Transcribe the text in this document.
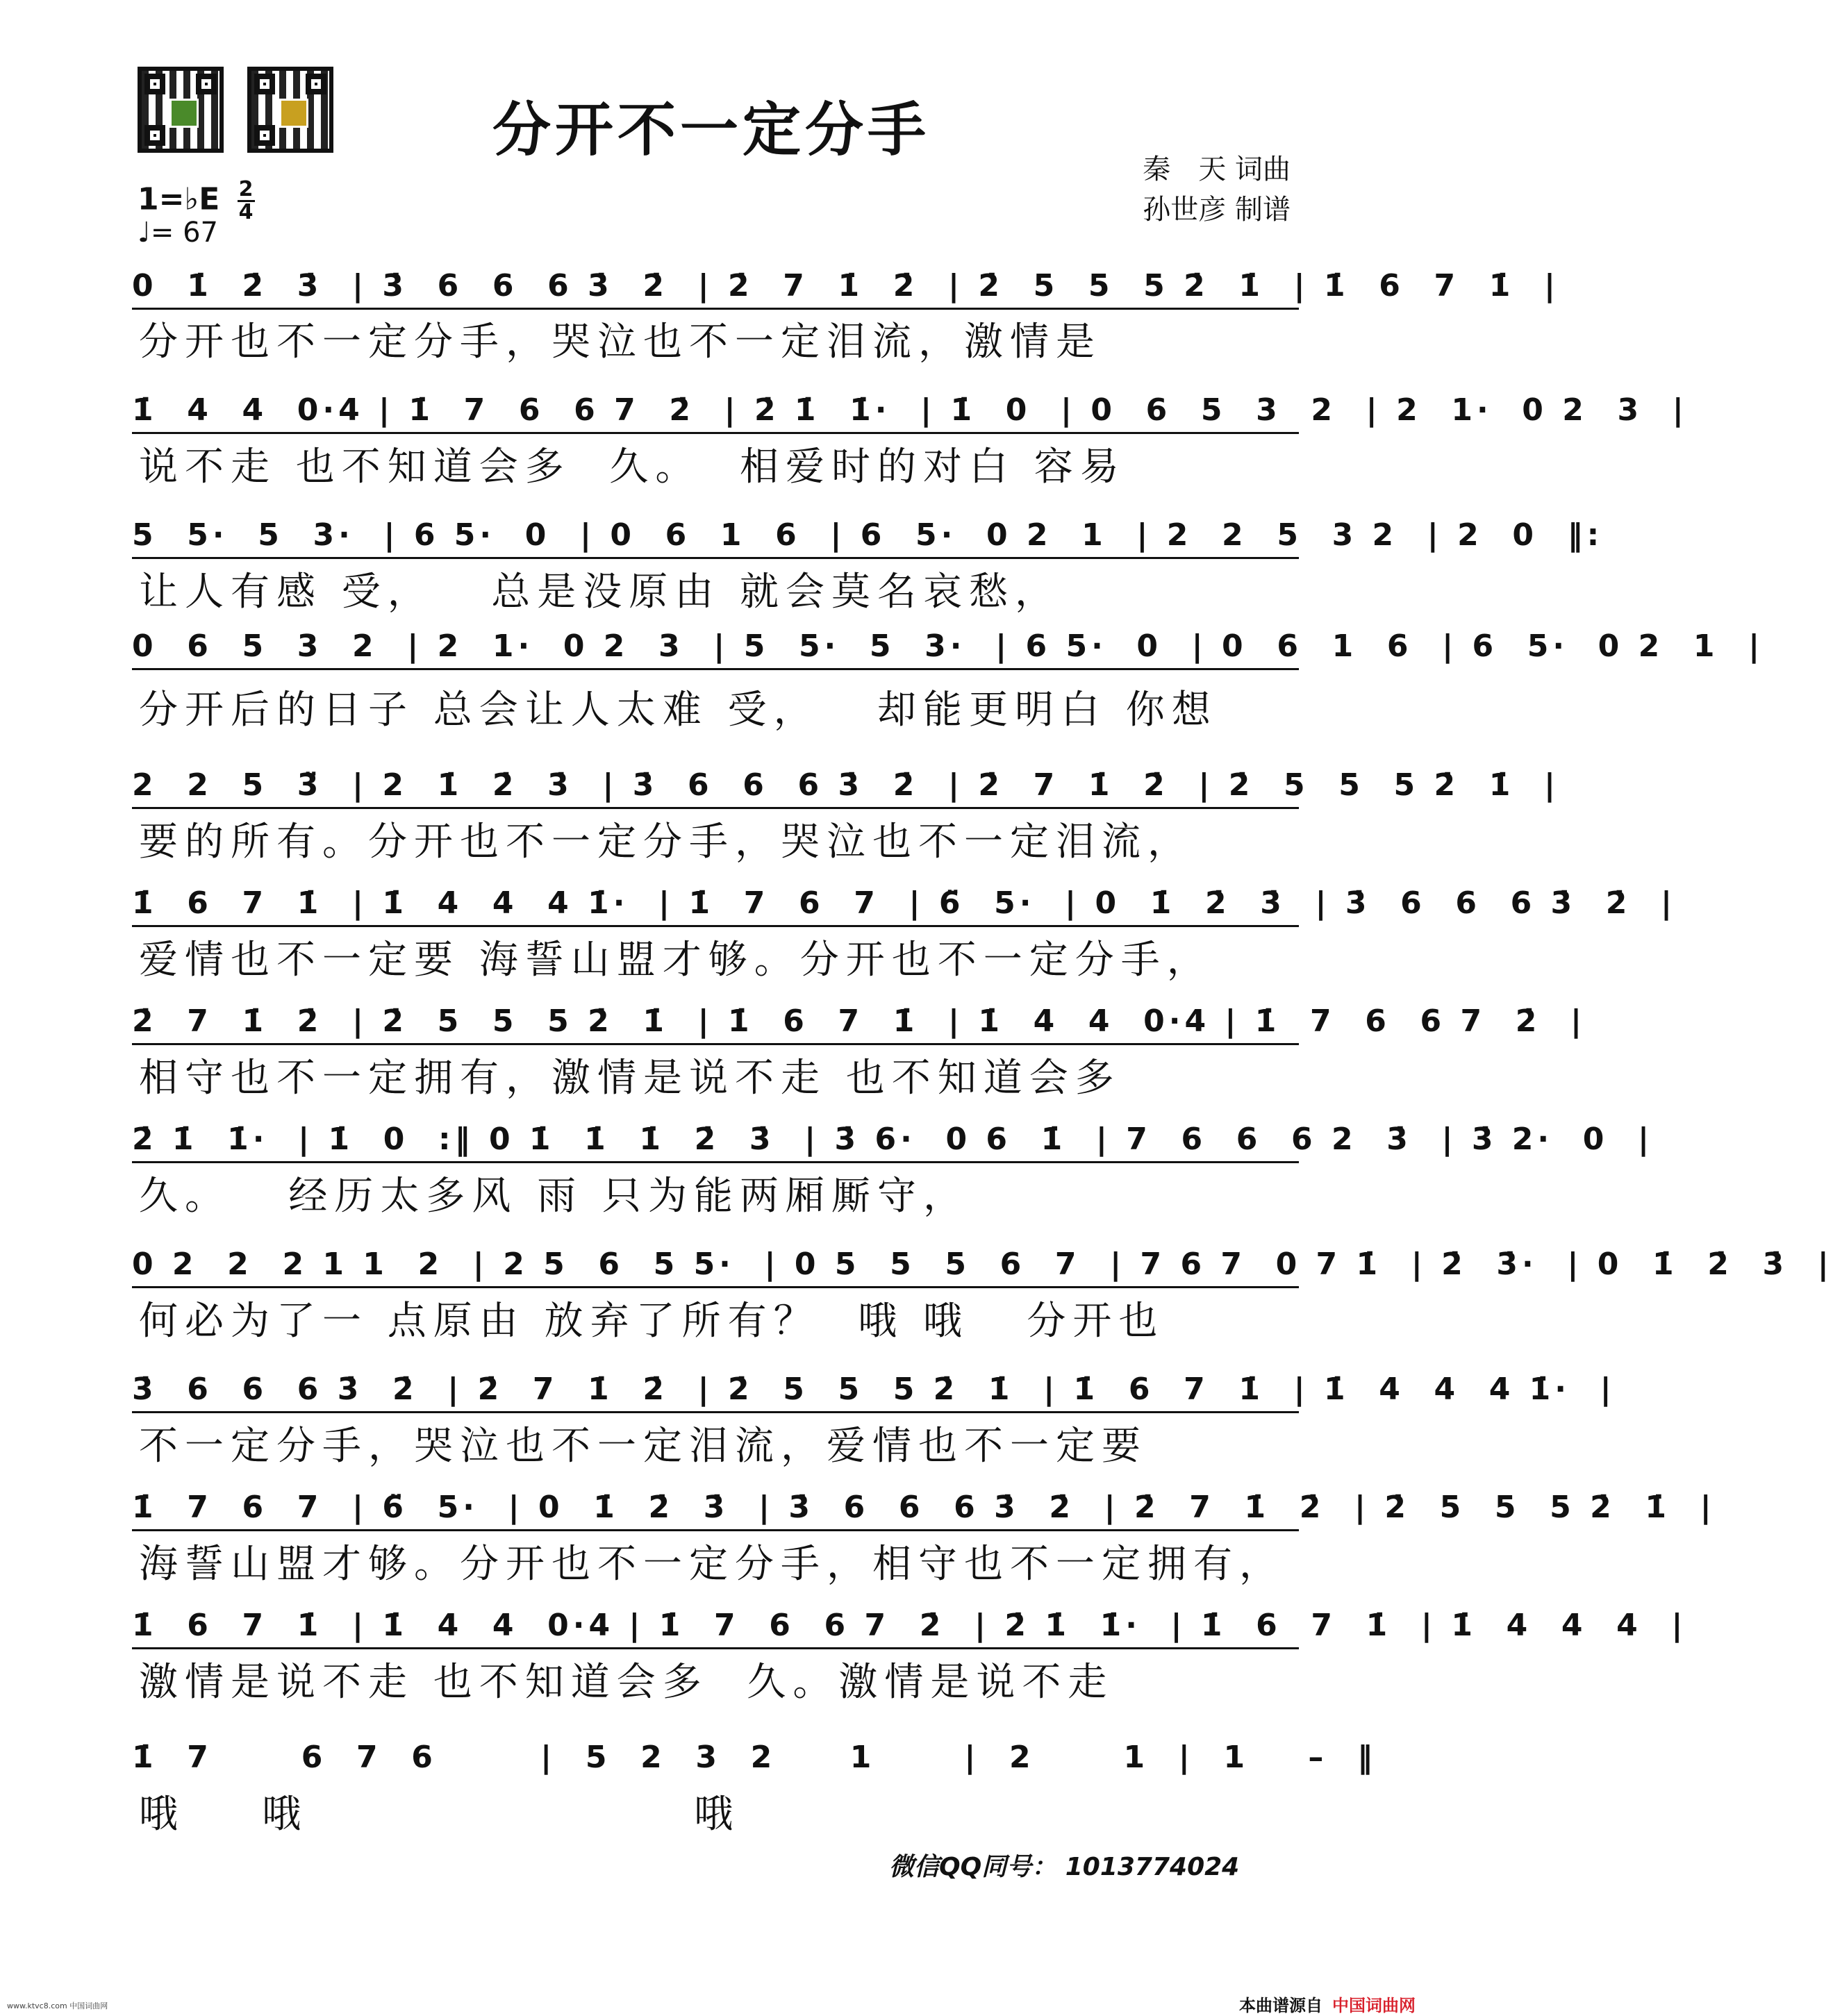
分开不一定分手
秦　天 词曲
孙世彦 制谱
1=♭E $\frac{2}{4}$
♩= 67
0  1̇  2̇  3̇  | 3̇  6  6  6 3̇  2̇  | 2̇  7  1̇  2̇  | 2̇  5  5  5 2̇  1̇  | 1̇  6  7  1̇  |
分开也不一定分手，哭泣也不一定泪流，激情是
1̇  4  4  0·4 | 1̇  7  6  6 7  2̇  | 2̇ 1̇  1̇·  | 1̇  0  | 0  6  5  3  2  | 2  1·  0 2  3  |
说不走 也不知道会多  久。  相爱时的对白 容易
5  5·  5  3·  | 6 5·  0  | 0  6  1  6  | 6  5·  0 2  1  | 2  2  5  3 2  | 2  0  ‖:
让人有感 受，   总是没原由 就会莫名哀愁，
0  6  5  3  2  | 2  1·  0 2  3  | 5  5·  5  3·  | 6 5·  0  | 0  6  1  6  | 6  5·  0 2  1  |
分开后的日子 总会让人太难 受，   却能更明白 你想
2  2  5  3̈  | 2  1̇  2̇  3̇  | 3̇  6  6  6 3̇  2̇  | 2̇  7  1̇  2̇  | 2̇  5  5  5 2̇  1̇  |
要的所有。分开也不一定分手，哭泣也不一定泪流，
1̇  6  7  1̇  | 1̇  4  4  4 1̇·  | 1̇  7  6  7  | 6̈  5·  | 0  1̇  2̇  3̇  | 3̇  6  6  6 3̇  2̇  |
爱情也不一定要 海誓山盟才够。分开也不一定分手，
2̇  7  1̇  2̇  | 2̇  5  5  5 2̇  1̇  | 1̇  6  7  1̇  | 1̇  4  4  0·4 | 1̇  7  6  6 7  2̇  |
相守也不一定拥有，激情是说不走 也不知道会多
2̇ 1̇  1̇·  | 1̇  0  :‖ 0 1̇  1̇  1̇  2̇  3̇  | 3̇ 6·  0 6  1̇  | 7  6  6  6 2  3̇  | 3̇ 2·  0  |
久。   经历太多风 雨 只为能两厢厮守，
0 2  2  2 1 1  2  | 2 5  6  5 5·  | 0 5  5  5  6  7  | 7 6 7  0 7 1̇  | 2̇  3̇·  | 0  1̇  2̇  3̇  |
何必为了一 点原由 放弃了所有？  哦 哦   分开也
3̇  6  6  6 3̇  2̇  | 2̇  7  1̇  2̇  | 2̇  5  5  5 2̇  1̇  | 1̇  6  7  1̇  | 1̇  4  4  4 1̇·  |
不一定分手，哭泣也不一定泪流，爱情也不一定要
1̇  7  6  7  | 6̈  5·  | 0  1̇  2̇  3̇  | 3̇  6  6  6 3̇  2̇  | 2̇  7  1̇  2̇  | 2̇  5  5  5 2̇  1̇  |
海誓山盟才够。分开也不一定分手，相守也不一定拥有，
1̇  6  7  1̇  | 1̇  4  4  0·4 | 1̇  7  6  6 7  2̇  | 2̇ 1̇  1̇·  | 1̇  6  7  1̇  | 1̇  4  4  4  |
激情是说不走 也不知道会多  久。激情是说不走
1̇  7      6  7  6       |  5  2  3  2     1      |  2      1  |  1    –  ‖
哦    哦                    哦
微信QQ同号： 1013774024
www.ktvc8.com 中国词曲网	本曲谱源自 中国词曲网
